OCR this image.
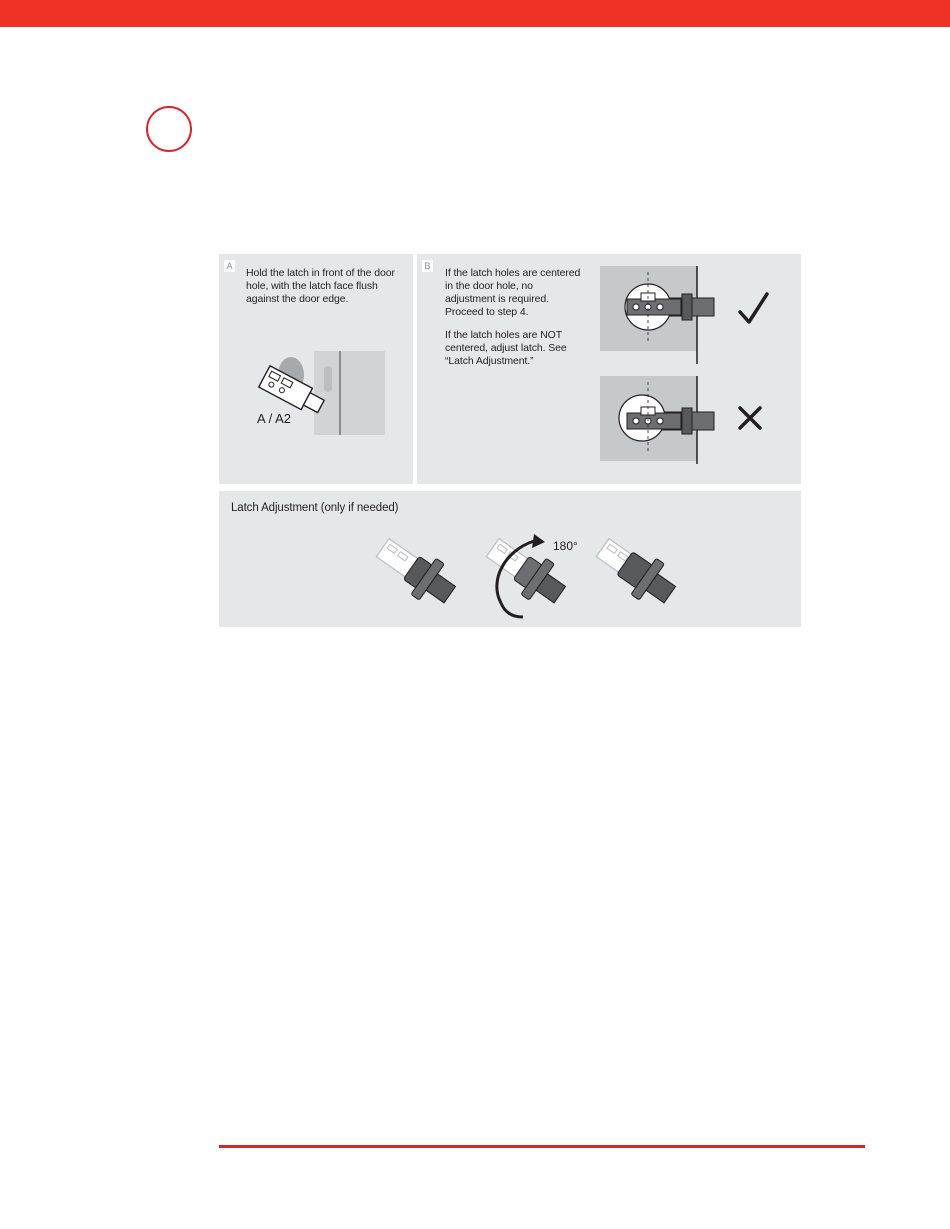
A
Hold the latch in front of the door hole, with the latch face flush against the door edge.
A / A2
B
If the latch holes are centered in the door hole, no adjustment is required. Proceed to step 4.
If the latch holes are NOT centered, adjust latch. See “Latch Adjustment.”
Latch Adjustment (only if needed)
180°
